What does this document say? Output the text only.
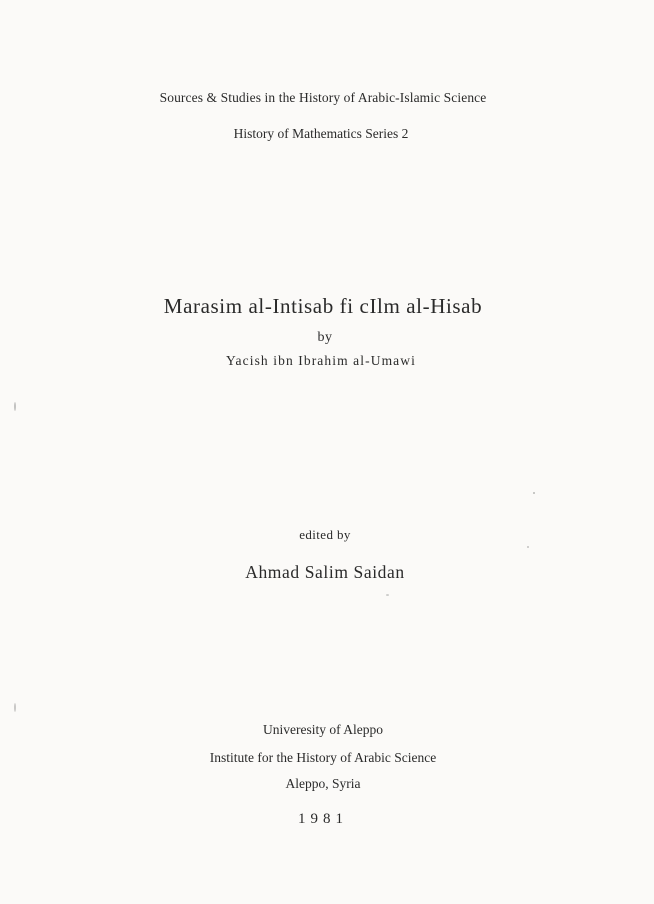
Sources & Studies in the History of Arabic-Islamic Science
History of Mathematics Series 2
Marasim al-Intisab fi cIlm al-Hisab
by
Yacish ibn Ibrahim al-Umawi
edited by
Ahmad Salim Saidan
Univeresity of Aleppo
Institute for the History of Arabic Science
Aleppo, Syria
1981
